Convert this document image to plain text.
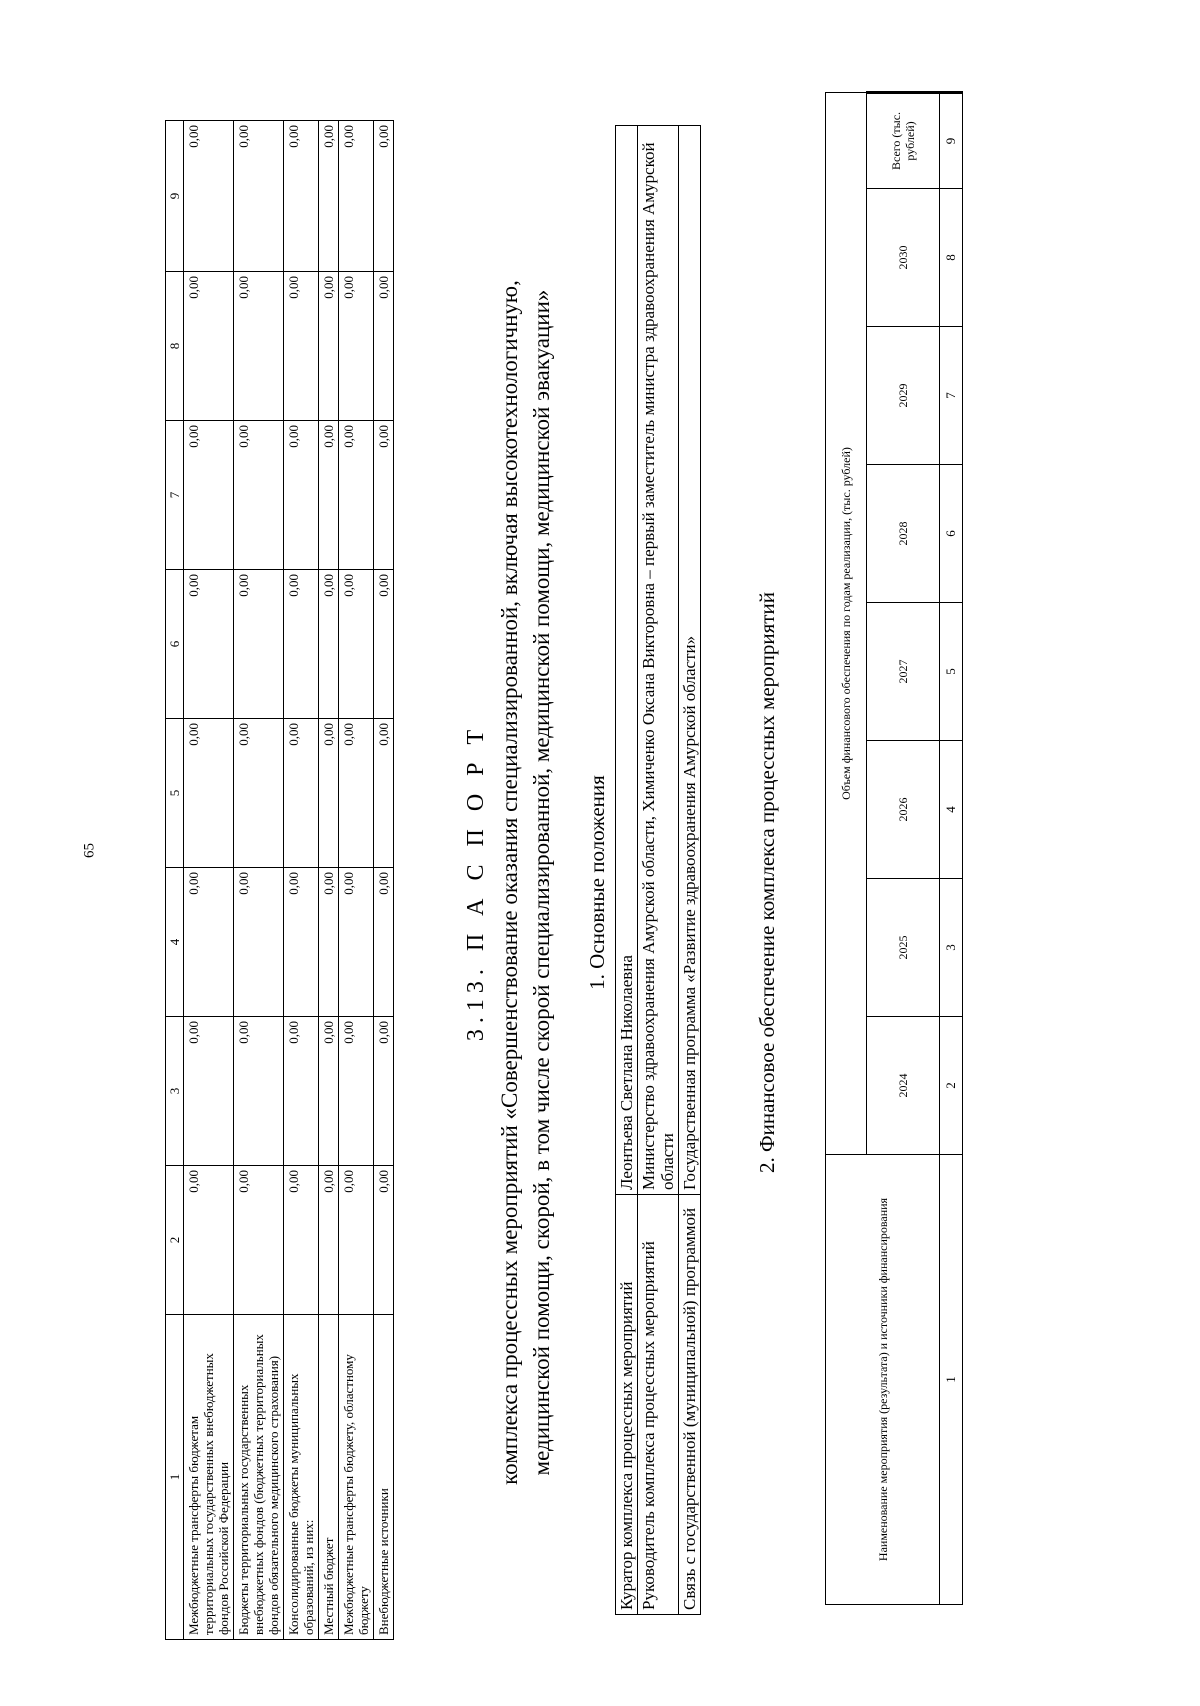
65
1	2	3	4	5	6	7	8	9
Межбюджетные трансферты бюджетам территориальных государственных внебюджетных фондов Российской Федерации	0,00	0,00	0,00	0,00	0,00	0,00	0,00	0,00
Бюджеты территориальных государственных внебюджетных фондов (бюджетных территориальных фондов обязательного медицинского страхования)	0,00	0,00	0,00	0,00	0,00	0,00	0,00	0,00
Консолидированные бюджеты муниципальных образований, из них:	0,00	0,00	0,00	0,00	0,00	0,00	0,00	0,00
Местный бюджет	0,00	0,00	0,00	0,00	0,00	0,00	0,00	0,00
Межбюджетные трансферты бюджету, областному бюджету	0,00	0,00	0,00	0,00	0,00	0,00	0,00	0,00
Внебюджетные источники	0,00	0,00	0,00	0,00	0,00	0,00	0,00	0,00
3.13. П А С П О Р Т комплекса процессных мероприятий «Совершенствование оказания специализированной, включая высокотехнологичную, медицинской помощи, скорой, в том числе скорой специализированной, медицинской помощи, медицинской эвакуации» 1. Основные положения
Куратор комплекса процессных мероприятий	Леонтьева Светлана Николаевна
Руководитель комплекса процессных мероприятий	Министерство здравоохранения Амурской области, Химиченко Оксана Викторовна – первый заместитель министра здравоохранения Амурской области
Связь с государственной (муниципальной) программой	Государственная программа «Развитие здравоохранения Амурской области»	2. Финансовое обеспечение комплекса процессных мероприятий
Наименование мероприятия (результата) и источники финансирования	Объем финансового обеспечения по годам реализации, (тыс. рублей)							
	2024	2025	2026	2027	2028	2029	2030	Всего (тыс. рублей)
1	2	3	4	5	6	7	8	9
